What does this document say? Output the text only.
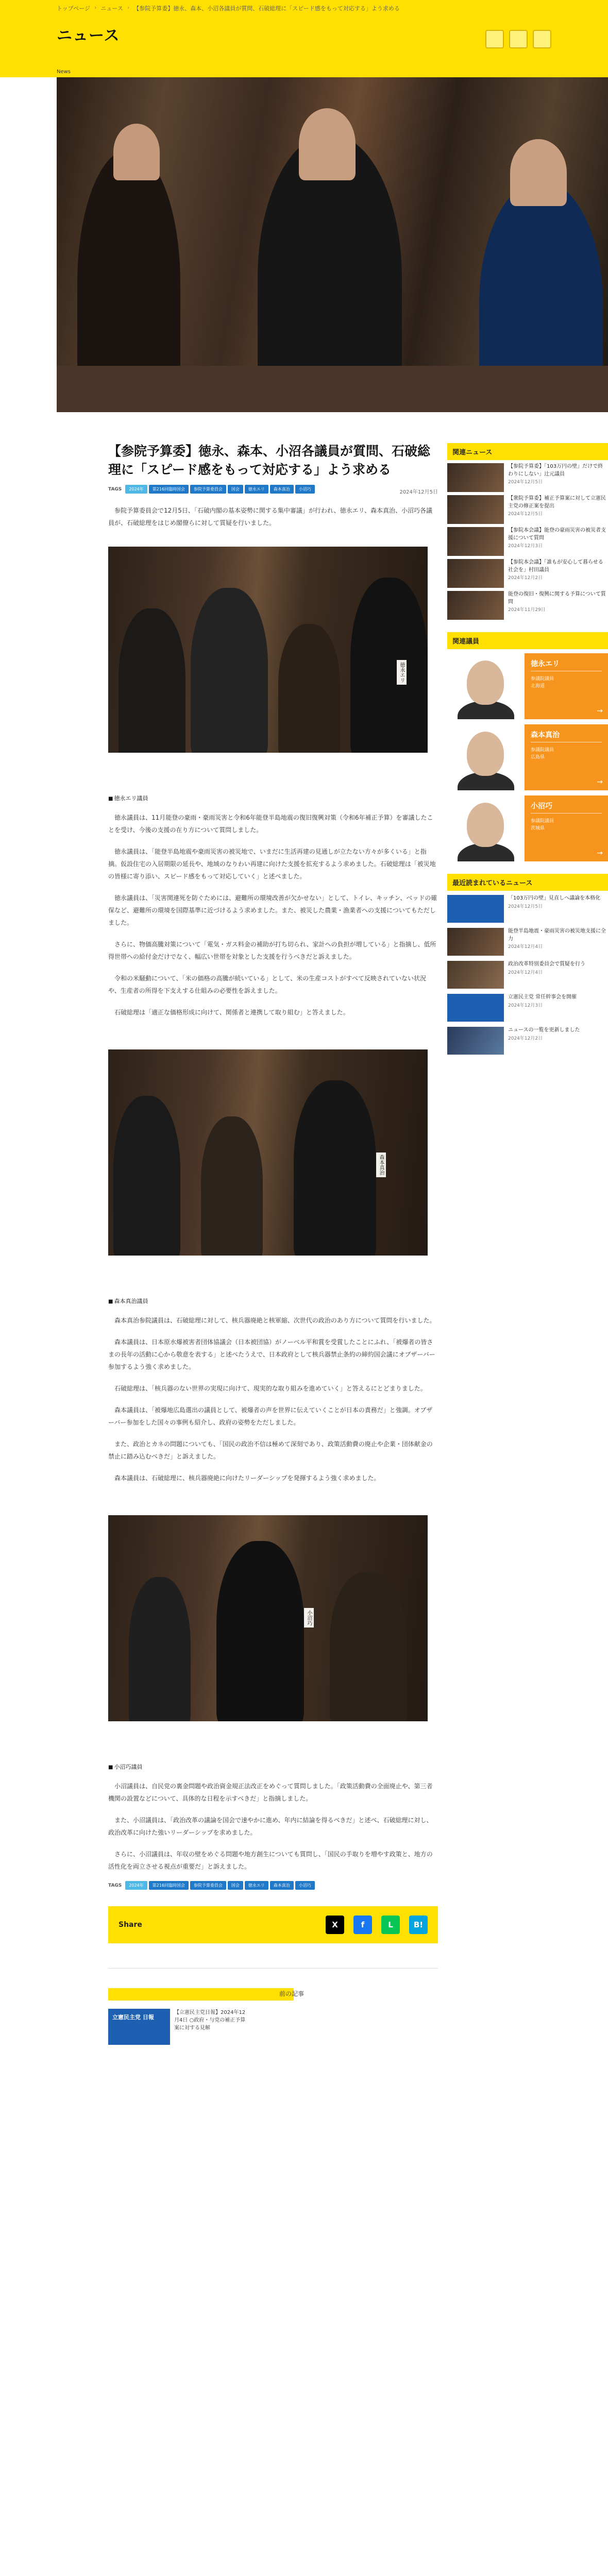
トップページ › ニュース › 【参院予算委】徳永、森本、小沼各議員が質問、石破総理に「スピード感をもって対応する」よう求める
ニュース
News
【参院予算委】徳永、森本、小沼各議員が質問、石破総理に「スピード感をもって対応する」よう求める
TAGS	2024年	第216回臨時国会	参院予算委員会	国会	徳永エリ	森本真治	小沼巧
2024年12月5日

参院予算委員会で12月5日、「石破内閣の基本姿勢に関する集中審議」が行われ、徳永エリ、森本真治、小沼巧各議員が、石破総理をはじめ閣僚らに対して質疑を行いました。

徳永エリ
■ 徳永エリ議員

徳永議員は、11月能登の豪雨・豪雨災害と令和6年能登半島地震の復旧復興対策（令和6年補正予算）を審議したことを受け、今後の支援の在り方について質問しました。

徳永議員は、「能登半島地震や豪雨災害の被災地で、いまだに生活再建の見通しが立たない方々が多くいる」と指摘。仮設住宅の入居期限の延長や、地域のなりわい再建に向けた支援を拡充するよう求めました。石破総理は「被災地の皆様に寄り添い、スピード感をもって対応していく」と述べました。

徳永議員は、「災害関連死を防ぐためには、避難所の環境改善が欠かせない」として、トイレ、キッチン、ベッドの確保など、避難所の環境を国際基準に近づけるよう求めました。また、被災した農業・漁業者への支援についてもただしました。

さらに、物価高騰対策について「電気・ガス料金の補助が打ち切られ、家計への負担が増している」と指摘し、低所得世帯への給付金だけでなく、幅広い世帯を対象とした支援を行うべきだと訴えました。

令和の米騒動について、「米の価格の高騰が続いている」として、米の生産コストがすべて反映されていない状況や、生産者の所得を下支えする仕組みの必要性を訴えました。

石破総理は「適正な価格形成に向けて、関係者と連携して取り組む」と答えました。

森本真治
■ 森本真治議員

森本真治参院議員は、石破総理に対して、核兵器廃絶と核軍縮、次世代の政治のあり方について質問を行いました。

森本議員は、日本原水爆被害者団体協議会（日本被団協）がノーベル平和賞を受賞したことにふれ、「被爆者の皆さまの長年の活動に心から敬意を表する」と述べたうえで、日本政府として核兵器禁止条約の締約国会議にオブザーバー参加するよう強く求めました。

石破総理は、「核兵器のない世界の実現に向けて、現実的な取り組みを進めていく」と答えるにとどまりました。

森本議員は、「被爆地広島選出の議員として、被爆者の声を世界に伝えていくことが日本の責務だ」と強調。オブザーバー参加をした国々の事例も紹介し、政府の姿勢をただしました。

また、政治とカネの問題についても、「国民の政治不信は極めて深刻であり、政策活動費の廃止や企業・団体献金の禁止に踏み込むべきだ」と訴えました。

森本議員は、石破総理に、核兵器廃絶に向けたリーダーシップを発揮するよう強く求めました。

小沼巧
■ 小沼巧議員

小沼議員は、自民党の裏金問題や政治資金規正法改正をめぐって質問しました。「政策活動費の全面廃止や、第三者機関の設置などについて、具体的な日程を示すべきだ」と指摘しました。

また、小沼議員は、「政治改革の議論を国会で速やかに進め、年内に結論を得るべきだ」と述べ、石破総理に対し、政治改革に向けた強いリーダーシップを求めました。

さらに、小沼議員は、年収の壁をめぐる問題や地方創生についても質問し、「国民の手取りを増やす政策と、地方の活性化を両立させる視点が重要だ」と訴えました。

TAGS	2024年	第216回臨時国会	参院予算委員会	国会	徳永エリ	森本真治	小沼巧
Share	X	f	L	B!
前の記事
立憲民主党 日報
【立憲民主党日報】2024年12月4日 ○政府・与党の補正予算案に対する見解
関連ニュース
【参院予算委】「103万円の壁」だけで終わりにしない」辻元議員
2024年12月5日
【衆院予算委】補正予算案に対して立憲民主党の修正案を提出
2024年12月5日
【参院本会議】能登の豪雨災害の被災者支援について質問
2024年12月3日
【参院本会議】「誰もが安心して暮らせる社会を」村田議員
2024年12月2日
能登の復旧・復興に関する予算について質問
2024年11月29日
関連議員
徳永エリ
参議院議員
北海道
→
森本真治
参議院議員
広島県
→
小沼巧
参議院議員
茨城県
→
最近読まれているニュース
「103万円の壁」見直しへ議論を本格化
2024年12月5日
能登半島地震・豪雨災害の被災地支援に全力
2024年12月4日
政治改革特別委員会で質疑を行う
2024年12月4日
立憲民主党 常任幹事会を開催
2024年12月3日
ニュースの一覧を更新しました
2024年12月2日
